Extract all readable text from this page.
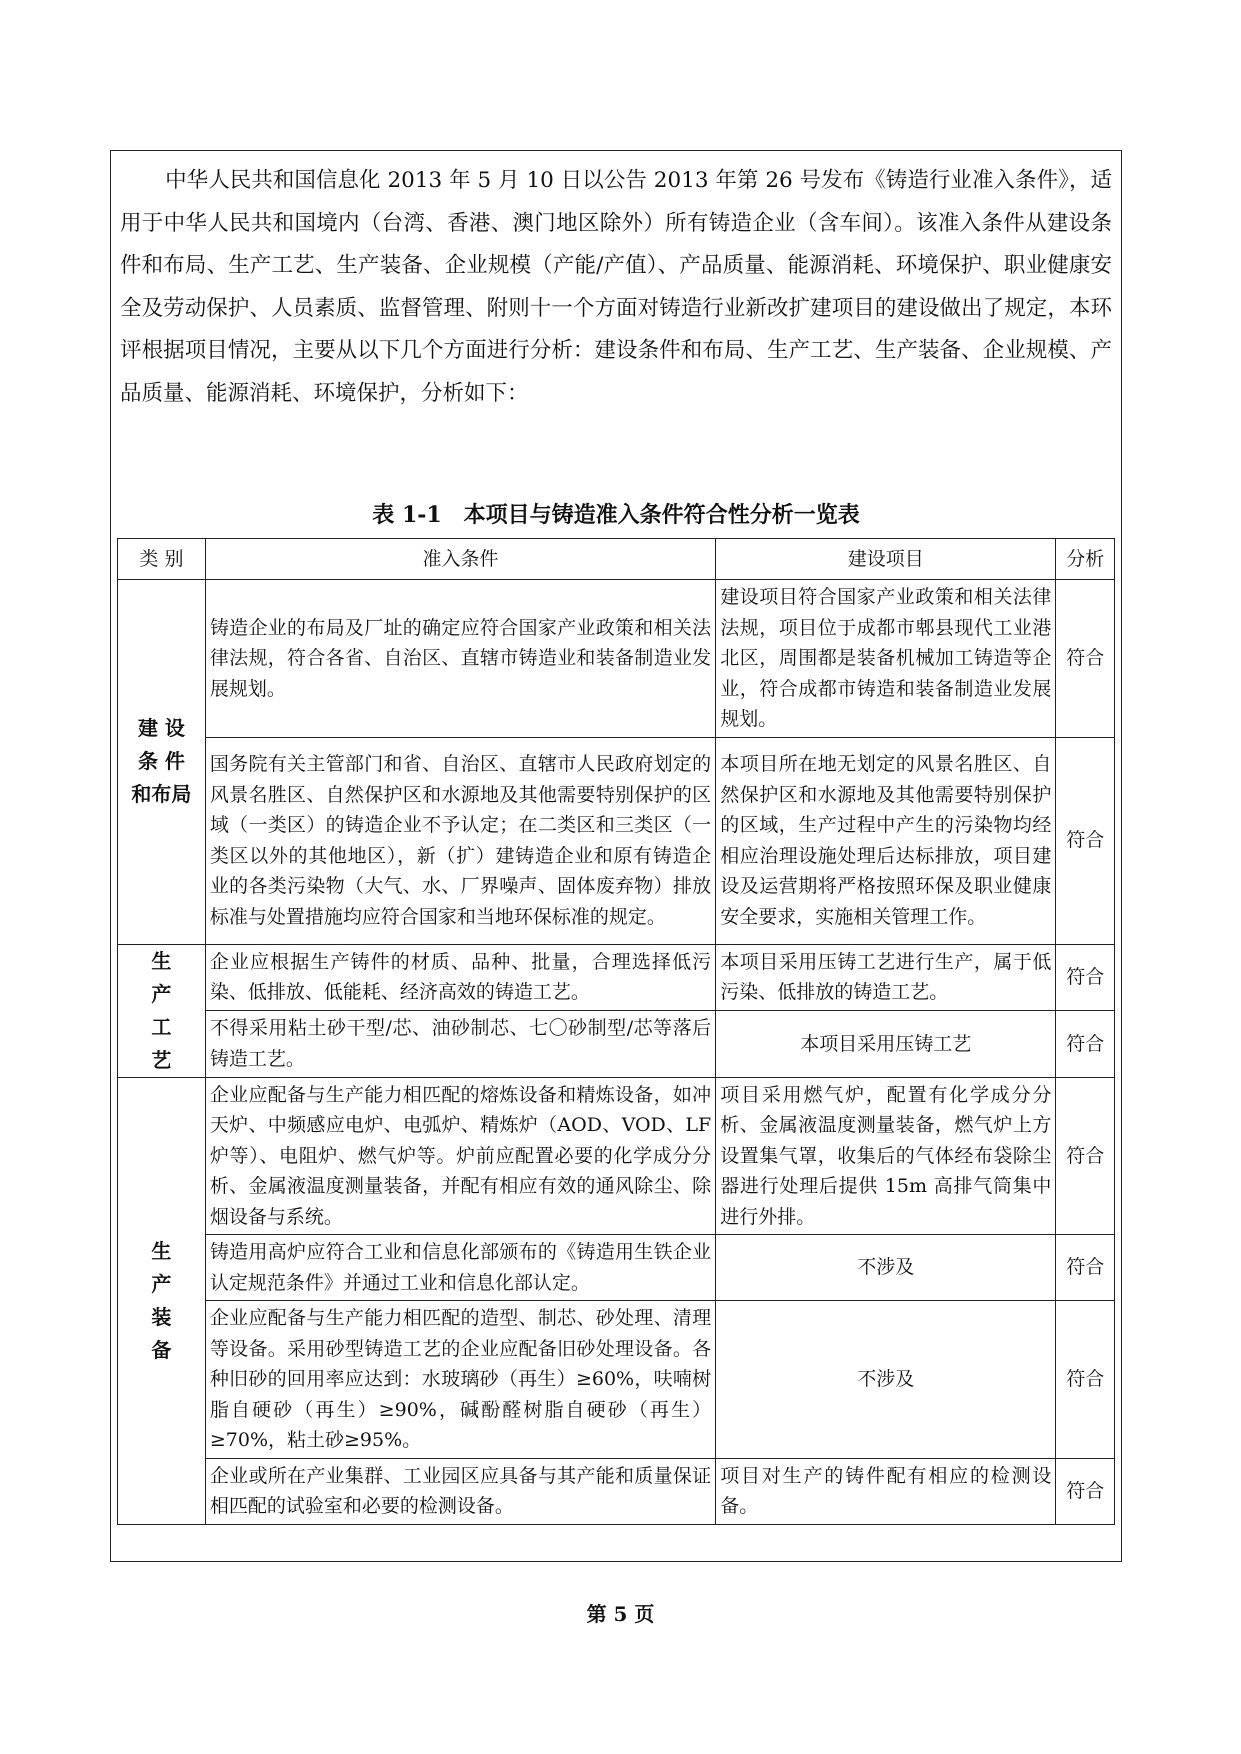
中华人民共和国信息化 2013 年 5 月 10 日以公告 2013 年第 26 号发布《铸造行业准入条件》，适用于中华人民共和国境内（台湾、香港、澳门地区除外）所有铸造企业（含车间）。该准入条件从建设条件和布局、生产工艺、生产装备、企业规模（产能/产值）、产品质量、能源消耗、环境保护、职业健康安全及劳动保护、人员素质、监督管理、附则十一个方面对铸造行业新改扩建项目的建设做出了规定，本环评根据项目情况，主要从以下几个方面进行分析：建设条件和布局、生产工艺、生产装备、企业规模、产品质量、能源消耗、环境保护，分析如下：

表 1-1　本项目与铸造准入条件符合性分析一览表
类 别	准入条件	建设项目	分析
建 设
条 件
和布局	铸造企业的布局及厂址的确定应符合国家产业政策和相关法律法规，符合各省、自治区、直辖市铸造业和装备制造业发展规划。	建设项目符合国家产业政策和相关法律法规，项目位于成都市郫县现代工业港北区，周围都是装备机械加工铸造等企业，符合成都市铸造和装备制造业发展规划。	符合
	国务院有关主管部门和省、自治区、直辖市人民政府划定的风景名胜区、自然保护区和水源地及其他需要特别保护的区域（一类区）的铸造企业不予认定；在二类区和三类区（一类区以外的其他地区），新（扩）建铸造企业和原有铸造企业的各类污染物（大气、水、厂界噪声、固体废弃物）排放标准与处置措施均应符合国家和当地环保标准的规定。	本项目所在地无划定的风景名胜区、自然保护区和水源地及其他需要特别保护的区域，生产过程中产生的污染物均经相应治理设施处理后达标排放，项目建设及运营期将严格按照环保及职业健康安全要求，实施相关管理工作。	符合
生
产
工
艺	企业应根据生产铸件的材质、品种、批量，合理选择低污染、低排放、低能耗、经济高效的铸造工艺。	本项目采用压铸工艺进行生产，属于低污染、低排放的铸造工艺。	符合
	不得采用粘土砂干型/芯、油砂制芯、七〇砂制型/芯等落后铸造工艺。	本项目采用压铸工艺	符合
生
产
装
备	企业应配备与生产能力相匹配的熔炼设备和精炼设备，如冲天炉、中频感应电炉、电弧炉、精炼炉（AOD、VOD、LF 炉等）、电阻炉、燃气炉等。炉前应配置必要的化学成分分析、金属液温度测量装备，并配有相应有效的通风除尘、除烟设备与系统。	项目采用燃气炉，配置有化学成分分析、金属液温度测量装备，燃气炉上方设置集气罩，收集后的气体经布袋除尘器进行处理后提供 15m 高排气筒集中进行外排。	符合
	铸造用高炉应符合工业和信息化部颁布的《铸造用生铁企业认定规范条件》并通过工业和信息化部认定。	不涉及	符合
	企业应配备与生产能力相匹配的造型、制芯、砂处理、清理等设备。采用砂型铸造工艺的企业应配备旧砂处理设备。各种旧砂的回用率应达到：水玻璃砂（再生）≥60%，呋喃树脂自硬砂（再生）≥90%，碱酚醛树脂自硬砂（再生）≥70%，粘土砂≥95%。	不涉及	符合
	企业或所在产业集群、工业园区应具备与其产能和质量保证相匹配的试验室和必要的检测设备。	项目对生产的铸件配有相应的检测设备。	符合
第 5 页
